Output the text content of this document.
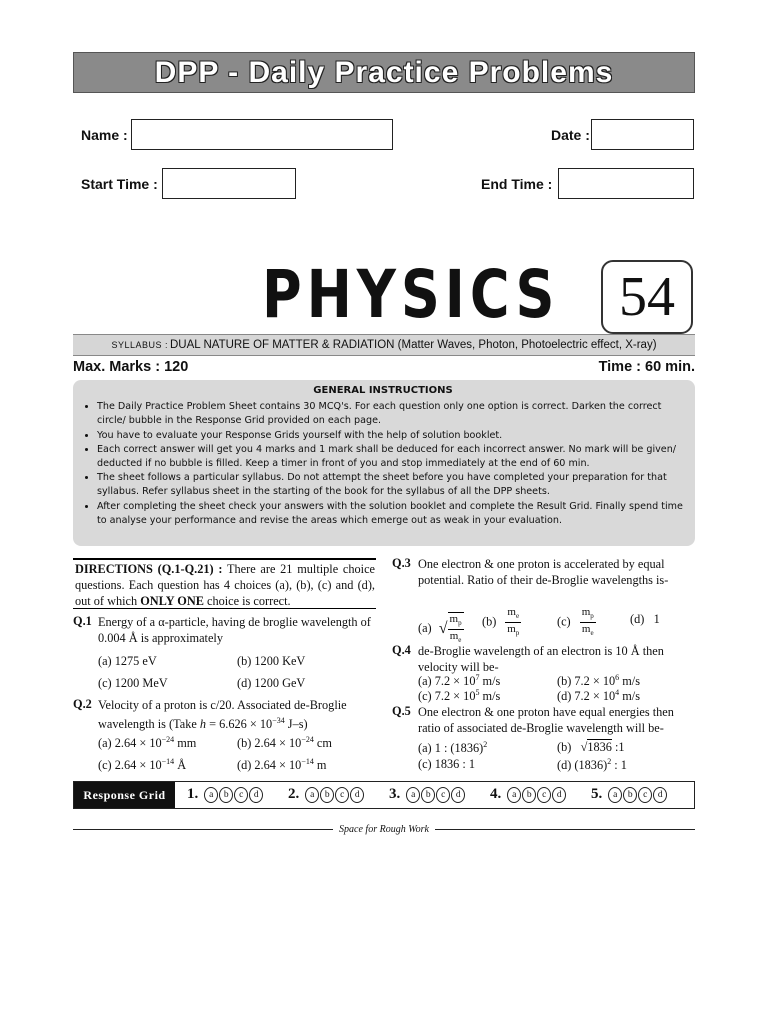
DPP - Daily Practice Problems
Name :	Date :
Start Time :	End Time :
PHYSICS 54
SYLLABUS : DUAL NATURE OF MATTER & RADIATION (Matter Waves, Photon, Photoelectric effect, X-ray)
Max. Marks : 120	Time : 60 min.
GENERAL INSTRUCTIONS
• The Daily Practice Problem Sheet contains 30 MCQ's. For each question only one option is correct. Darken the correct circle/ bubble in the Response Grid provided on each page.
• You have to evaluate your Response Grids yourself with the help of solution booklet.
• Each correct answer will get you 4 marks and 1 mark shall be deduced for each incorrect answer. No mark will be given/ deducted if no bubble is filled. Keep a timer in front of you and stop immediately at the end of 60 min.
• The sheet follows a particular syllabus. Do not attempt the sheet before you have completed your preparation for that syllabus. Refer syllabus sheet in the starting of the book for the syllabus of all the DPP sheets.
• After completing the sheet check your answers with the solution booklet and complete the Result Grid. Finally spend time to analyse your performance and revise the areas which emerge out as weak in your evaluation.
DIRECTIONS (Q.1-Q.21) : There are 21 multiple choice questions. Each question has 4 choices (a), (b), (c) and (d), out of which ONLY ONE choice is correct.
Q.1 Energy of a α-particle, having de broglie wavelength of 0.004 Å is approximately
(a) 1275 eV	(b) 1200 KeV
(c) 1200 MeV	(d) 1200 GeV
Q.2 Velocity of a proton is c/20. Associated de-Broglie wavelength is (Take $h = 6.626 \times 10^{-34}$ J–s)
(a) $2.64 \times 10^{-24}$ mm	(b) $2.64 \times 10^{-24}$ cm
(c) $2.64 \times 10^{-14}$ Å	(d) $2.64 \times 10^{-14}$ m
Q.3 One electron & one proton is accelerated by equal potential. Ratio of their de-Broglie wavelengths is-
(a) √ $\frac{m_p}{m_e} (b) \frac{m_e}{m_p}$	$(c) \frac{m_p}{m_e}$	(d) 1
Q.4 de-Broglie wavelength of an electron is 10 Å then velocity will be-
(a) $7.2 \times 10^7$ m/s	(b) $7.2 \times 10^6$ m/s
(c) $7.2 \times 10^5$ m/s	(d) $7.2 \times 10^4$ m/s
Q.5 One electron & one proton have equal energies then ratio of associated de-Broglie wavelength will be-
(a) 1 : $(1836)^2$	(b) √1836 :1
(c) 1836 : 1	(d) $(1836)^2$ : 1
Response Grid	1.	a	b	c	d	2.	a	b	c	d	3.	a	b	c	d	4.	a	b	c	d	5.	a	b	c	d
Space for Rough Work
